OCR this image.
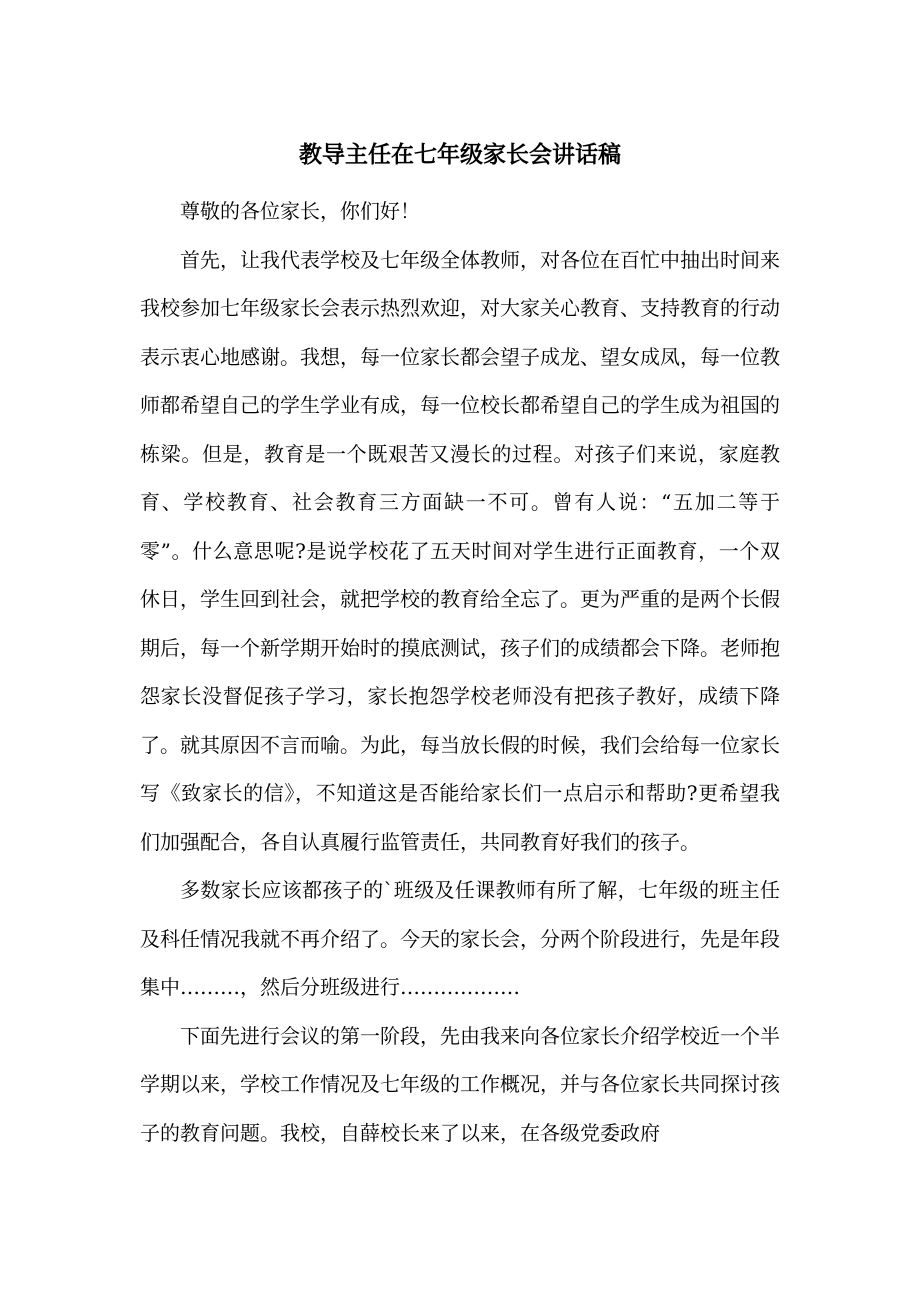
教导主任在七年级家长会讲话稿

尊敬的各位家长，你们好！

首先，让我代表学校及七年级全体教师，对各位在百忙中抽出时间来我校参加七年级家长会表示热烈欢迎，对大家关心教育、支持教育的行动表示衷心地感谢。我想，每一位家长都会望子成龙、望女成凤，每一位教师都希望自己的学生学业有成，每一位校长都希望自己的学生成为祖国的栋梁。但是，教育是一个既艰苦又漫长的过程。对孩子们来说，家庭教育、学校教育、社会教育三方面缺一不可。曾有人说：“五加二等于零”。什么意思呢?是说学校花了五天时间对学生进行正面教育，一个双休日，学生回到社会，就把学校的教育给全忘了。更为严重的是两个长假期后，每一个新学期开始时的摸底测试，孩子们的成绩都会下降。老师抱怨家长没督促孩子学习，家长抱怨学校老师没有把孩子教好，成绩下降了。就其原因不言而喻。为此，每当放长假的时候，我们会给每一位家长写《致家长的信》，不知道这是否能给家长们一点启示和帮助?更希望我们加强配合，各自认真履行监管责任，共同教育好我们的孩子。

多数家长应该都孩子的`班级及任课教师有所了解，七年级的班主任及科任情况我就不再介绍了。今天的家长会，分两个阶段进行，先是年段集中………，然后分班级进行………………

下面先进行会议的第一阶段，先由我来向各位家长介绍学校近一个半学期以来，学校工作情况及七年级的工作概况，并与各位家长共同探讨孩子的教育问题。我校，自薛校长来了以来，在各级党委政府
